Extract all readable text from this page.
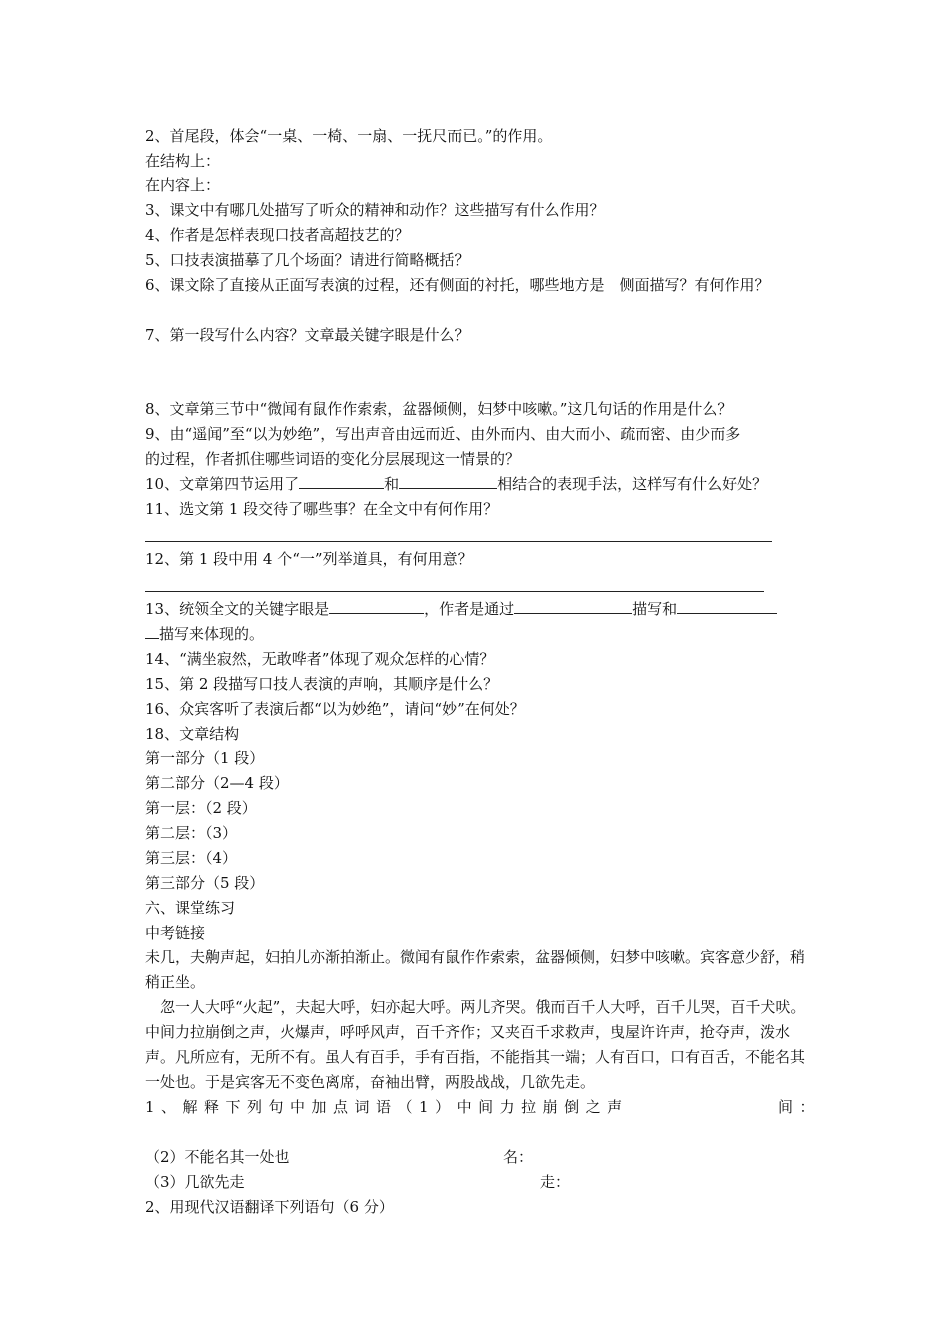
2、首尾段，体会“一桌、一椅、一扇、一抚尺而已。”的作用。
在结构上：
在内容上：
3、课文中有哪几处描写了听众的精神和动作？这些描写有什么作用？
4、作者是怎样表现口技者高超技艺的？
5、口技表演描摹了几个场面？请进行简略概括？
6、课文除了直接从正面写表演的过程，还有侧面的衬托，哪些地方是　侧面描写？有何作用？
7、第一段写什么内容？文章最关键字眼是什么？
8、文章第三节中“微闻有鼠作作索索，盆器倾侧，妇梦中咳嗽。”这几句话的作用是什么？
9、由“遥闻”至“以为妙绝”，写出声音由远而近、由外而内、由大而小、疏而密、由少而多
的过程，作者抓住哪些词语的变化分层展现这一情景的？
10、文章第四节运用了	和	相结合的表现手法，这样写有什么好处？
11、选文第 1 段交待了哪些事？在全文中有何作用？
12、第 1 段中用 4 个“一”列举道具，有何用意？
13、统领全文的关键字眼是	，作者是通过	描写和
描写来体现的。
14、“满坐寂然，无敢哗者”体现了观众怎样的心情？
15、第 2 段描写口技人表演的声响，其顺序是什么？
16、众宾客听了表演后都“以为妙绝”，请问“妙”在何处？
18、文章结构
第一部分（1 段）
第二部分（2—4 段）
第一层：（2 段）
第二层：（3）
第三层：（4）
第三部分（5 段）
六、课堂练习
中考链接
未几，夫齁声起，妇拍儿亦渐拍渐止。微闻有鼠作作索索，盆器倾侧，妇梦中咳嗽。宾客意少舒，稍稍正坐。
　忽一人大呼“火起”，夫起大呼，妇亦起大呼。两儿齐哭。俄而百千人大呼，百千儿哭，百千犬吠。中间力拉崩倒之声，火爆声，呼呼风声，百千齐作；又夹百千求救声，曳屋许许声，抢夺声，泼水声。凡所应有，无所不有。虽人有百手，手有百指，不能指其一端；人有百口，口有百舌，不能名其一处也。于是宾客无不变色离席，奋袖出臂，两股战战，几欲先走。
1、解释下列句中加点词语（1）中间力拉崩倒之声	间：
（2）不能名其一处也	名：
（3）几欲先走	走：
2、用现代汉语翻译下列语句（6 分）
